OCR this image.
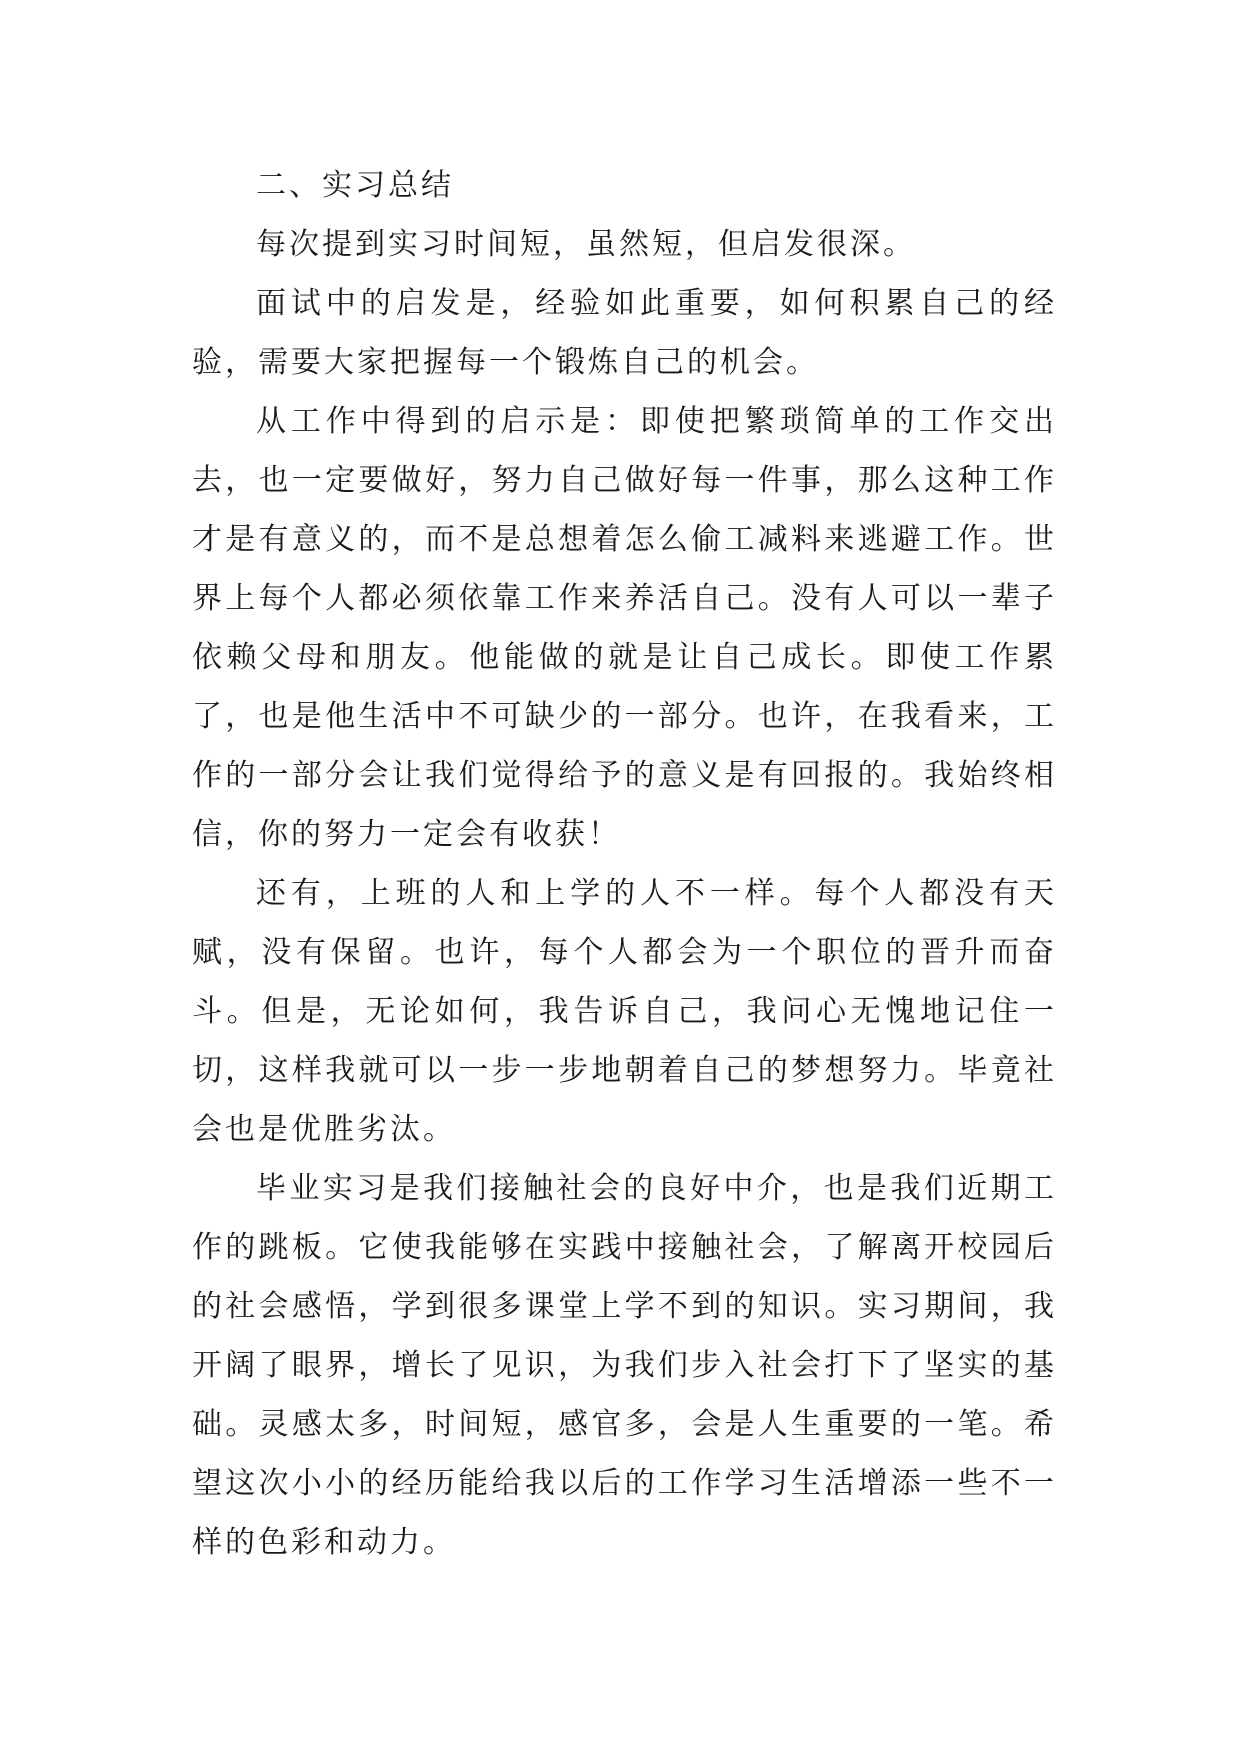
二、实习总结

每次提到实习时间短，虽然短，但启发很深。

面试中的启发是，经验如此重要，如何积累自己的经验，需要大家把握每一个锻炼自己的机会。

从工作中得到的启示是：即使把繁琐简单的工作交出去，也一定要做好，努力自己做好每一件事，那么这种工作才是有意义的，而不是总想着怎么偷工减料来逃避工作。世界上每个人都必须依靠工作来养活自己。没有人可以一辈子依赖父母和朋友。他能做的就是让自己成长。即使工作累了，也是他生活中不可缺少的一部分。也许，在我看来，工作的一部分会让我们觉得给予的意义是有回报的。我始终相信，你的努力一定会有收获！

还有，上班的人和上学的人不一样。每个人都没有天赋，没有保留。也许，每个人都会为一个职位的晋升而奋斗。但是，无论如何，我告诉自己，我问心无愧地记住一切，这样我就可以一步一步地朝着自己的梦想努力。毕竟社会也是优胜劣汰。

毕业实习是我们接触社会的良好中介，也是我们近期工作的跳板。它使我能够在实践中接触社会，了解离开校园后的社会感悟，学到很多课堂上学不到的知识。实习期间，我开阔了眼界，增长了见识，为我们步入社会打下了坚实的基础。灵感太多，时间短，感官多，会是人生重要的一笔。希望这次小小的经历能给我以后的工作学习生活增添一些不一样的色彩和动力。
